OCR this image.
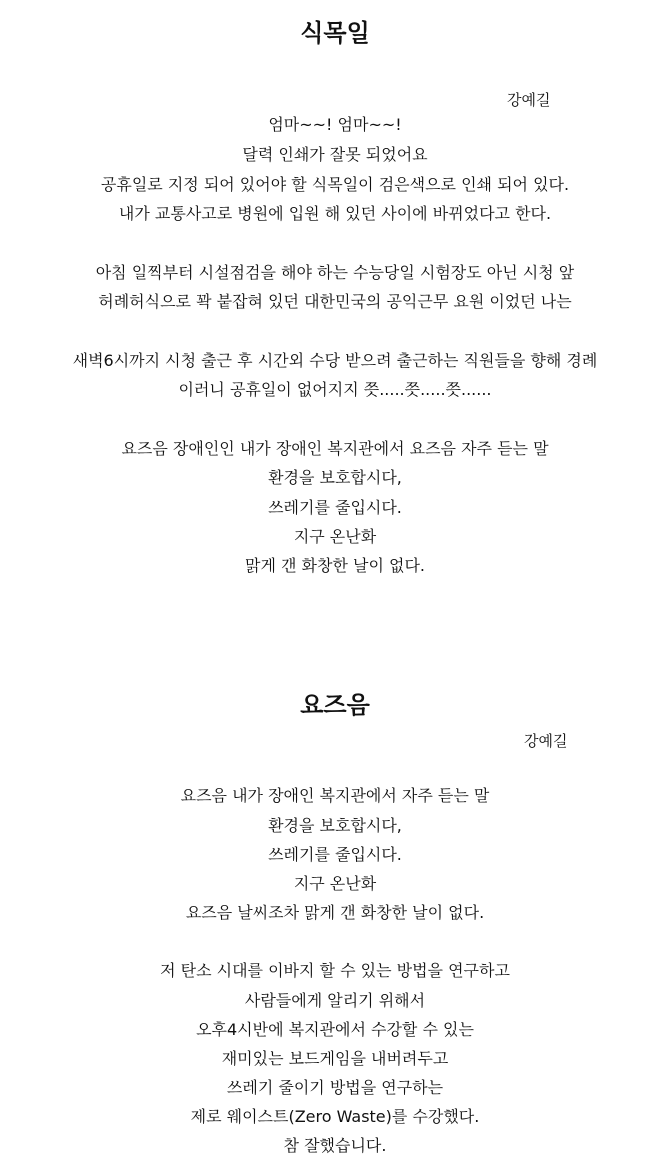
식목일
강예길
엄마~~! 엄마~~!
달력 인쇄가 잘못 되었어요
공휴일로 지정 되어 있어야 할 식목일이 검은색으로 인쇄 되어 있다.
내가 교통사고로 병원에 입원 해 있던 사이에 바뀌었다고 한다.
아침 일찍부터 시설점검을 해야 하는 수능당일 시험장도 아닌 시청 앞
허례허식으로 꽉 붙잡혀 있던 대한민국의 공익근무 요원 이었던 나는
새벽6시까지 시청 출근 후 시간외 수당 받으려 출근하는 직원들을 향해 경례
이러니 공휴일이 없어지지 쯧.....쯧.....쯧......
요즈음 장애인인 내가 장애인 복지관에서 요즈음 자주 듣는 말
환경을 보호합시다,
쓰레기를 줄입시다.
지구 온난화
맑게 갠 화창한 날이 없다.
요즈음
강예길
요즈음 내가 장애인 복지관에서 자주 듣는 말
환경을 보호합시다,
쓰레기를 줄입시다.
지구 온난화
요즈음 날씨조차 맑게 갠 화창한 날이 없다.
저 탄소 시대를 이바지 할 수 있는 방법을 연구하고
사람들에게 알리기 위해서
오후4시반에 복지관에서 수강할 수 있는
재미있는 보드게임을 내버려두고
쓰레기 줄이기 방법을 연구하는
제로 웨이스트(Zero Waste)를 수강했다.
참 잘했습니다.
